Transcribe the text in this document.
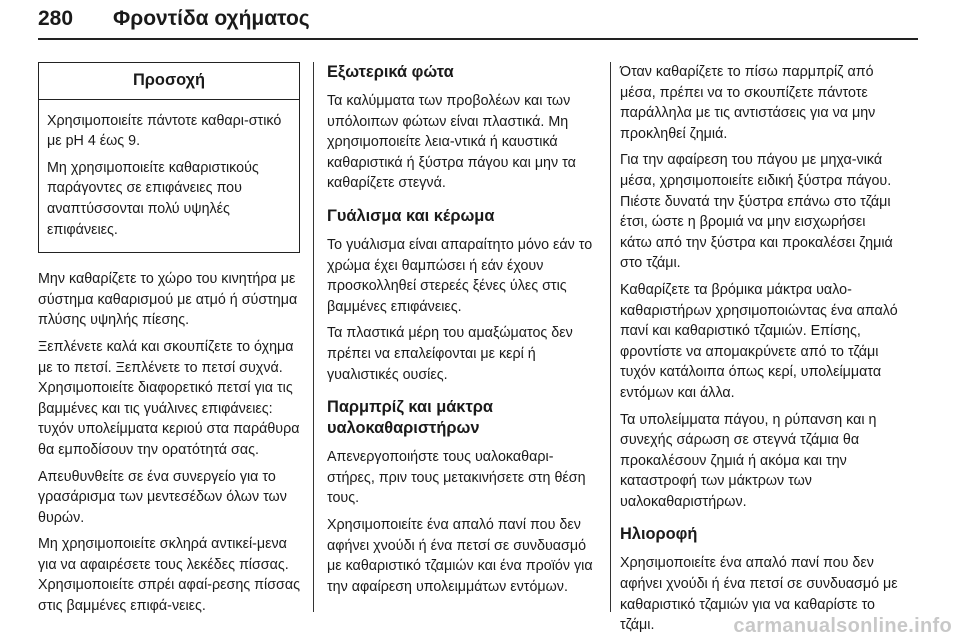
280 Φροντίδα οχήματος
Προσοχή

Χρησιμοποιείτε πάντοτε καθαρι-στικό με pH 4 έως 9.

Μη χρησιμοποιείτε καθαριστικούς παράγοντες σε επιφάνειες που αναπτύσσονται πολύ υψηλές επιφάνειες.

Μην καθαρίζετε το χώρο του κινητήρα με σύστημα καθαρισμού με ατμό ή σύστημα πλύσης υψηλής πίεσης.

Ξεπλένετε καλά και σκουπίζετε το όχημα με το πετσί. Ξεπλένετε το πετσί συχνά. Χρησιμοποιείτε διαφορετικό πετσί για τις βαμμένες και τις γυάλινες επιφάνειες: τυχόν υπολείμματα κεριού στα παράθυρα θα εμποδίσουν την ορατότητά σας.

Απευθυνθείτε σε ένα συνεργείο για το γρασάρισμα των μεντεσέδων όλων των θυρών.

Μη χρησιμοποιείτε σκληρά αντικεί-μενα για να αφαιρέσετε τους λεκέδες πίσσας. Χρησιμοποιείτε σπρέι αφαί-ρεσης πίσσας στις βαμμένες επιφά-νειες.

Εξωτερικά φώτα

Τα καλύμματα των προβολέων και των υπόλοιπων φώτων είναι πλαστικά. Μη χρησιμοποιείτε λεια-ντικά ή καυστικά καθαριστικά ή ξύστρα πάγου και μην τα καθαρίζετε στεγνά.

Γυάλισμα και κέρωμα

Το γυάλισμα είναι απαραίτητο μόνο εάν το χρώμα έχει θαμπώσει ή εάν έχουν προσκολληθεί στερεές ξένες ύλες στις βαμμένες επιφάνειες.

Τα πλαστικά μέρη του αμαξώματος δεν πρέπει να επαλείφονται με κερί ή γυαλιστικές ουσίες.

Παρμπρίζ και μάκτρα υαλοκαθαριστήρων

Απενεργοποιήστε τους υαλοκαθαρι-στήρες, πριν τους μετακινήσετε στη θέση τους.

Χρησιμοποιείτε ένα απαλό πανί που δεν αφήνει χνούδι ή ένα πετσί σε συνδυασμό με καθαριστικό τζαμιών και ένα προϊόν για την αφαίρεση υπολειμμάτων εντόμων.

Όταν καθαρίζετε το πίσω παρμπρίζ από μέσα, πρέπει να το σκουπίζετε πάντοτε παράλληλα με τις αντιστάσεις για να μην προκληθεί ζημιά.

Για την αφαίρεση του πάγου με μηχα-νικά μέσα, χρησιμοποιείτε ειδική ξύστρα πάγου. Πιέστε δυνατά την ξύστρα επάνω στο τζάμι έτσι, ώστε η βρομιά να μην εισχωρήσει κάτω από την ξύστρα και προκαλέσει ζημιά στο τζάμι.

Καθαρίζετε τα βρόμικα μάκτρα υαλο-καθαριστήρων χρησιμοποιώντας ένα απαλό πανί και καθαριστικό τζαμιών. Επίσης, φροντίστε να απομακρύνετε από το τζάμι τυχόν κατάλοιπα όπως κερί, υπολείμματα εντόμων και άλλα.

Τα υπολείμματα πάγου, η ρύπανση και η συνεχής σάρωση σε στεγνά τζάμια θα προκαλέσουν ζημιά ή ακόμα και την καταστροφή των μάκτρων των υαλοκαθαριστήρων.

Ηλιοροφή

Χρησιμοποιείτε ένα απαλό πανί που δεν αφήνει χνούδι ή ένα πετσί σε συνδυασμό με καθαριστικό τζαμιών για να καθαρίστε το τζάμι.	carmanualsonline.info
